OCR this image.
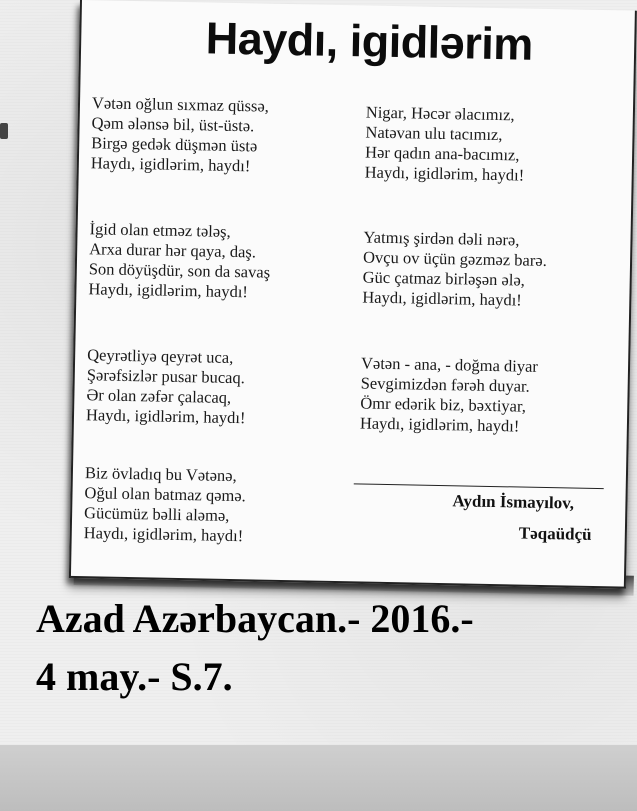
Haydı, igidlərim
Vətən oğlun sıxmaz qüssə,
Qəm ələnsə bil, üst-üstə.
Birgə gedək düşmən üstə
Haydı, igidlərim, haydı!
İgid olan etməz tələş,
Arxa durar hər qaya, daş.
Son döyüşdür, son da savaş
Haydı, igidlərim, haydı!
Qeyrətliyə qeyrət uca,
Şərəfsizlər pusar bucaq.
Ər olan zəfər çalacaq,
Haydı, igidlərim, haydı!
Biz övladıq bu Vətənə,
Oğul olan batmaz qəmə.
Gücümüz bəlli aləmə,
Haydı, igidlərim, haydı!
Nigar, Həcər əlacımız,
Natəvan ulu tacımız,
Hər qadın ana-bacımız,
Haydı, igidlərim, haydı!
Yatmış şirdən dəli nərə,
Ovçu ov üçün gəzməz barə.
Güc çatmaz birləşən ələ,
Haydı, igidlərim, haydı!
Vətən - ana, - doğma diyar
Sevgimizdən fərəh duyar.
Ömr edərik biz, bəxtiyar,
Haydı, igidlərim, haydı!
Aydın İsmayılov,
Təqaüdçü
Azad Azərbaycan.- 2016.-
4 may.- S.7.
